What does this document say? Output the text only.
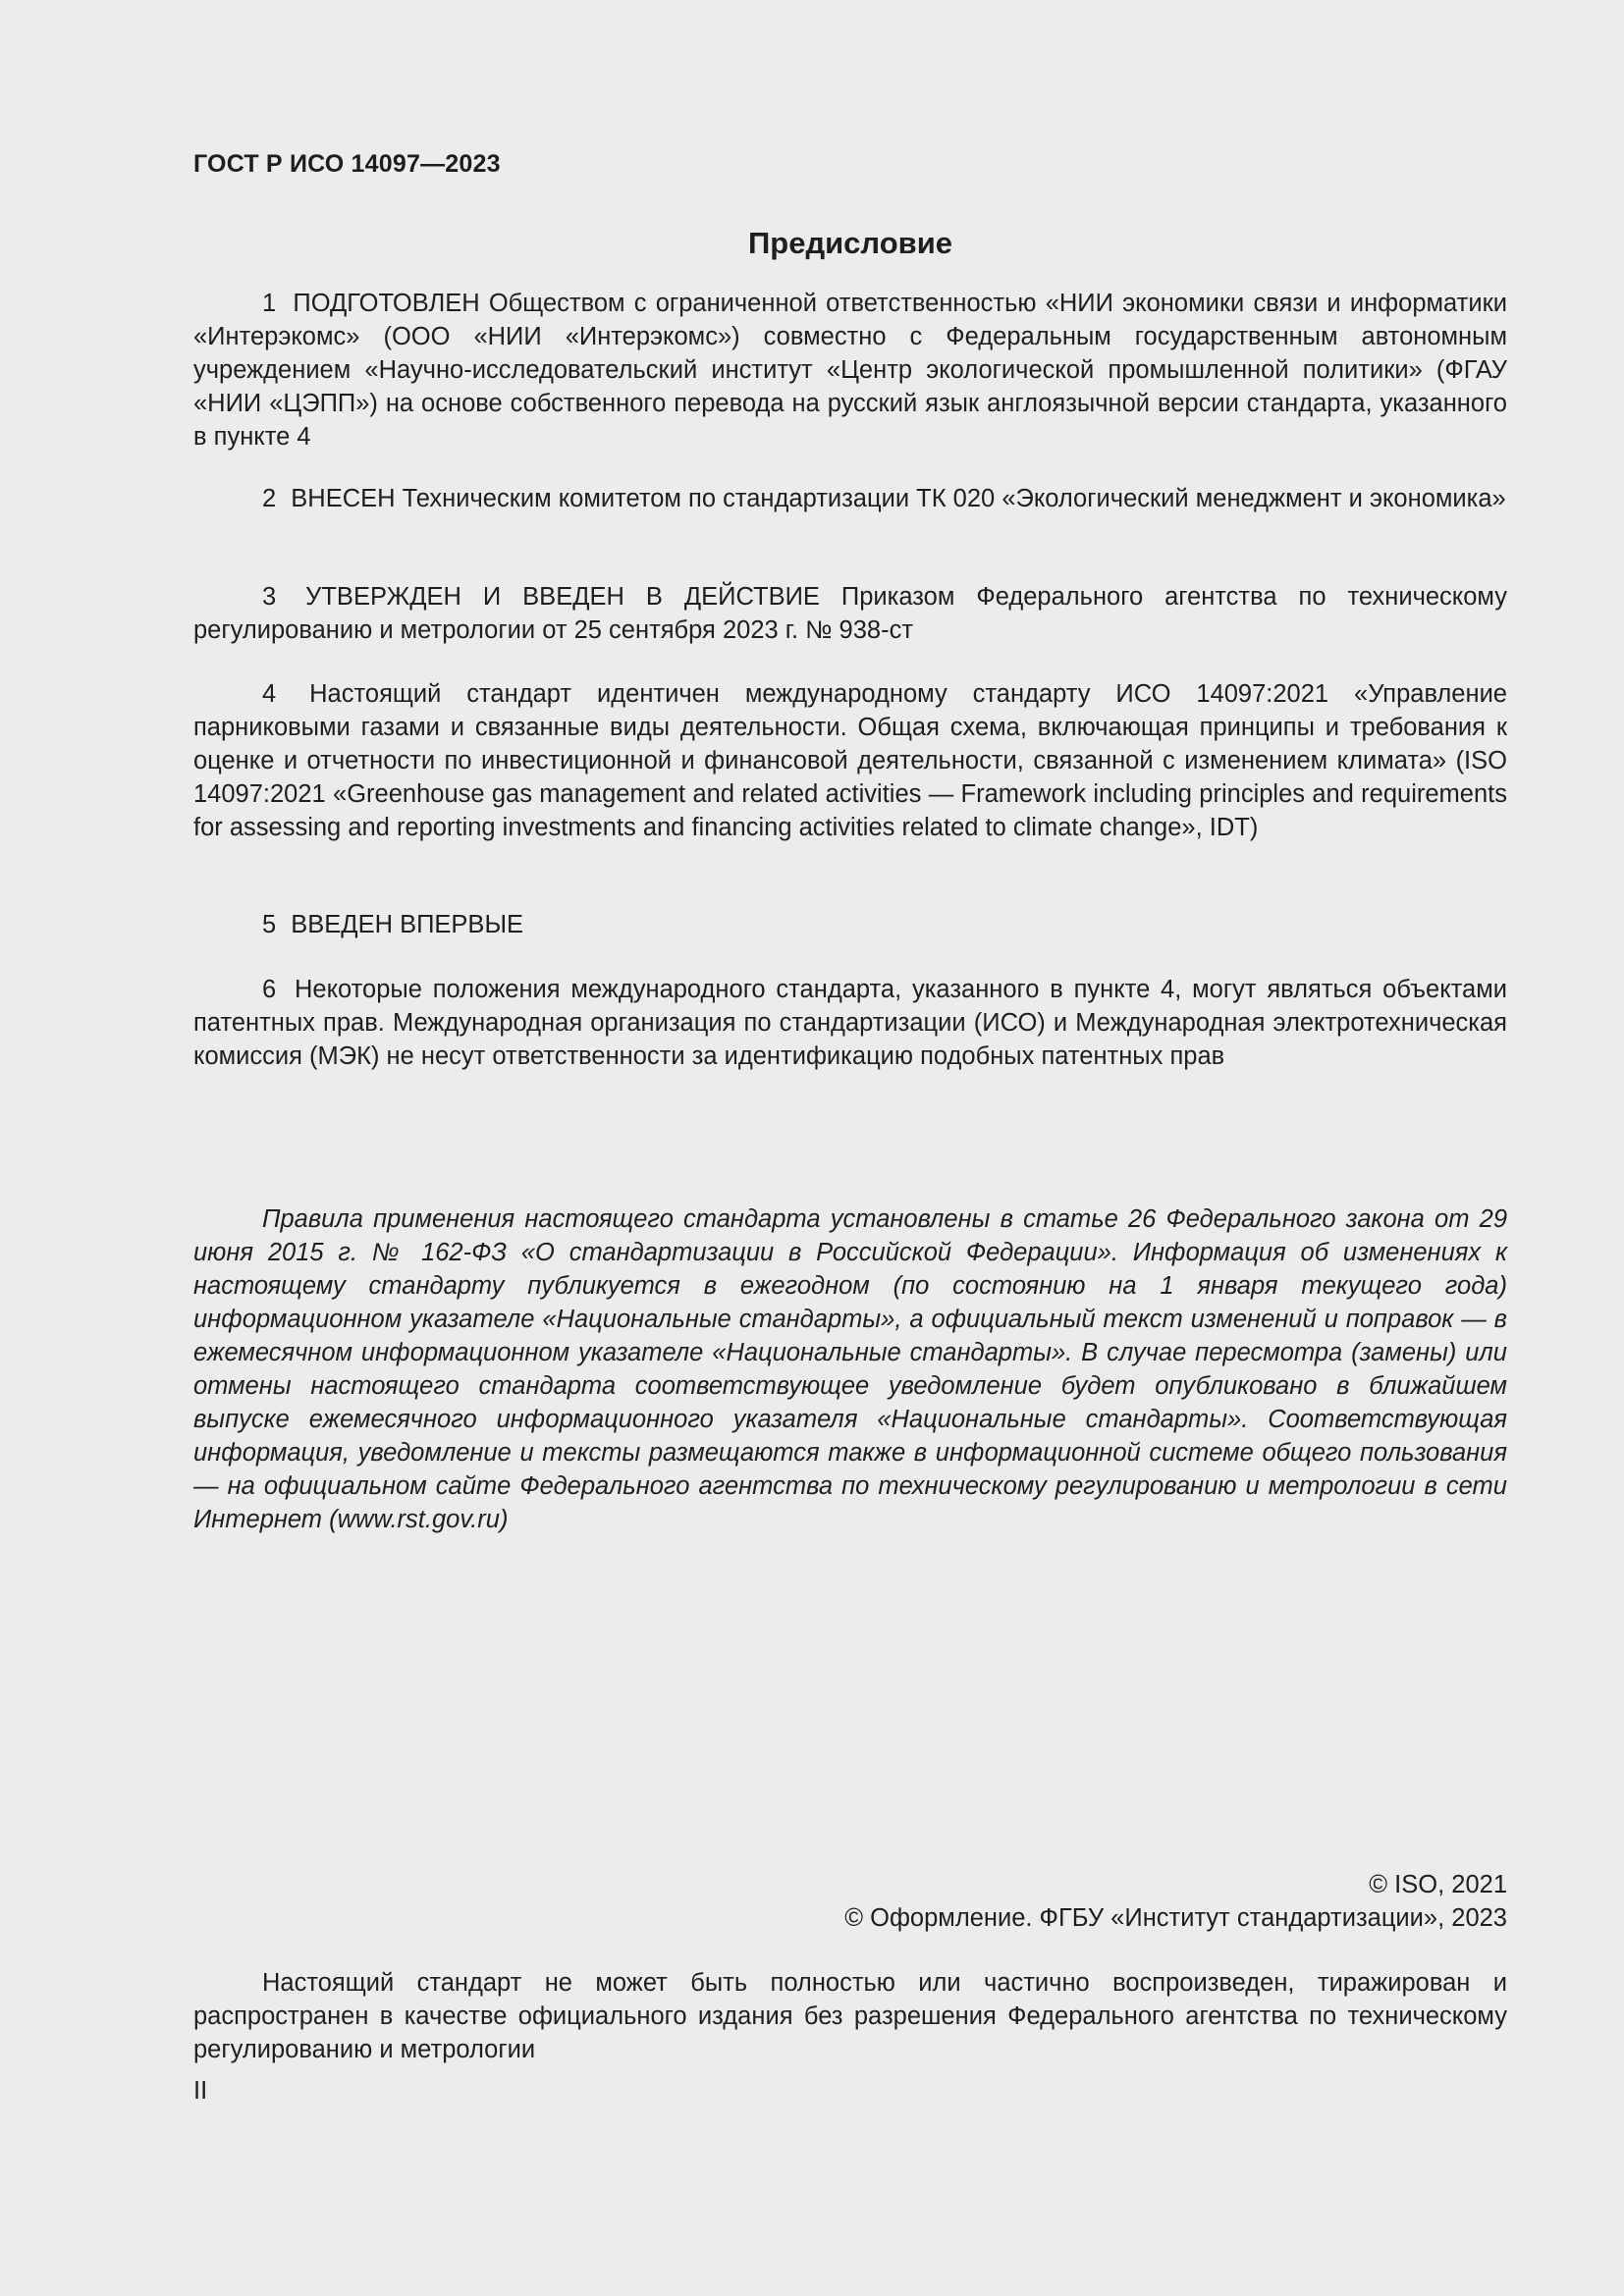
ГОСТ Р ИСО 14097—2023
Предисловие

1 ПОДГОТОВЛЕН Обществом с ограниченной ответственностью «НИИ экономики связи и информатики «Интерэкомс» (ООО «НИИ «Интерэкомс») совместно с Федеральным государственным автономным учреждением «Научно-исследовательский институт «Центр экологической промышленной политики» (ФГАУ «НИИ «ЦЭПП») на основе собственного перевода на русский язык англоязычной версии стандарта, указанного в пункте 4

2 ВНЕСЕН Техническим комитетом по стандартизации ТК 020 «Экологический менеджмент и экономика»

3 УТВЕРЖДЕН И ВВЕДЕН В ДЕЙСТВИЕ Приказом Федерального агентства по техническому регулированию и метрологии от 25 сентября 2023 г. № 938-ст

4 Настоящий стандарт идентичен международному стандарту ИСО 14097:2021 «Управление парниковыми газами и связанные виды деятельности. Общая схема, включающая принципы и требования к оценке и отчетности по инвестиционной и финансовой деятельности, связанной с изменением климата» (ISO 14097:2021 «Greenhouse gas management and related activities — Framework including principles and requirements for assessing and reporting investments and financing activities related to climate change», IDT)

5 ВВЕДЕН ВПЕРВЫЕ

6 Некоторые положения международного стандарта, указанного в пункте 4, могут являться объектами патентных прав. Международная организация по стандартизации (ИСО) и Международная электротехническая комиссия (МЭК) не несут ответственности за идентификацию подобных патентных прав

Правила применения настоящего стандарта установлены в статье 26 Федерального закона от 29 июня 2015 г. № 162-ФЗ «О стандартизации в Российской Федерации». Информация об изменениях к настоящему стандарту публикуется в ежегодном (по состоянию на 1 января текущего года) информационном указателе «Национальные стандарты», а официальный текст изменений и поправок — в ежемесячном информационном указателе «Национальные стандарты». В случае пересмотра (замены) или отмены настоящего стандарта соответствующее уведомление будет опубликовано в ближайшем выпуске ежемесячного информационного указателя «Национальные стандарты». Соответствующая информация, уведомление и тексты размещаются также в информационной системе общего пользования — на официальном сайте Федерального агентства по техническому регулированию и метрологии в сети Интернет (www.rst.gov.ru)

© ISO, 2021
© Оформление. ФГБУ «Институт стандартизации», 2023

Настоящий стандарт не может быть полностью или частично воспроизведен, тиражирован и распространен в качестве официального издания без разрешения Федерального агентства по техническому регулированию и метрологии

II
